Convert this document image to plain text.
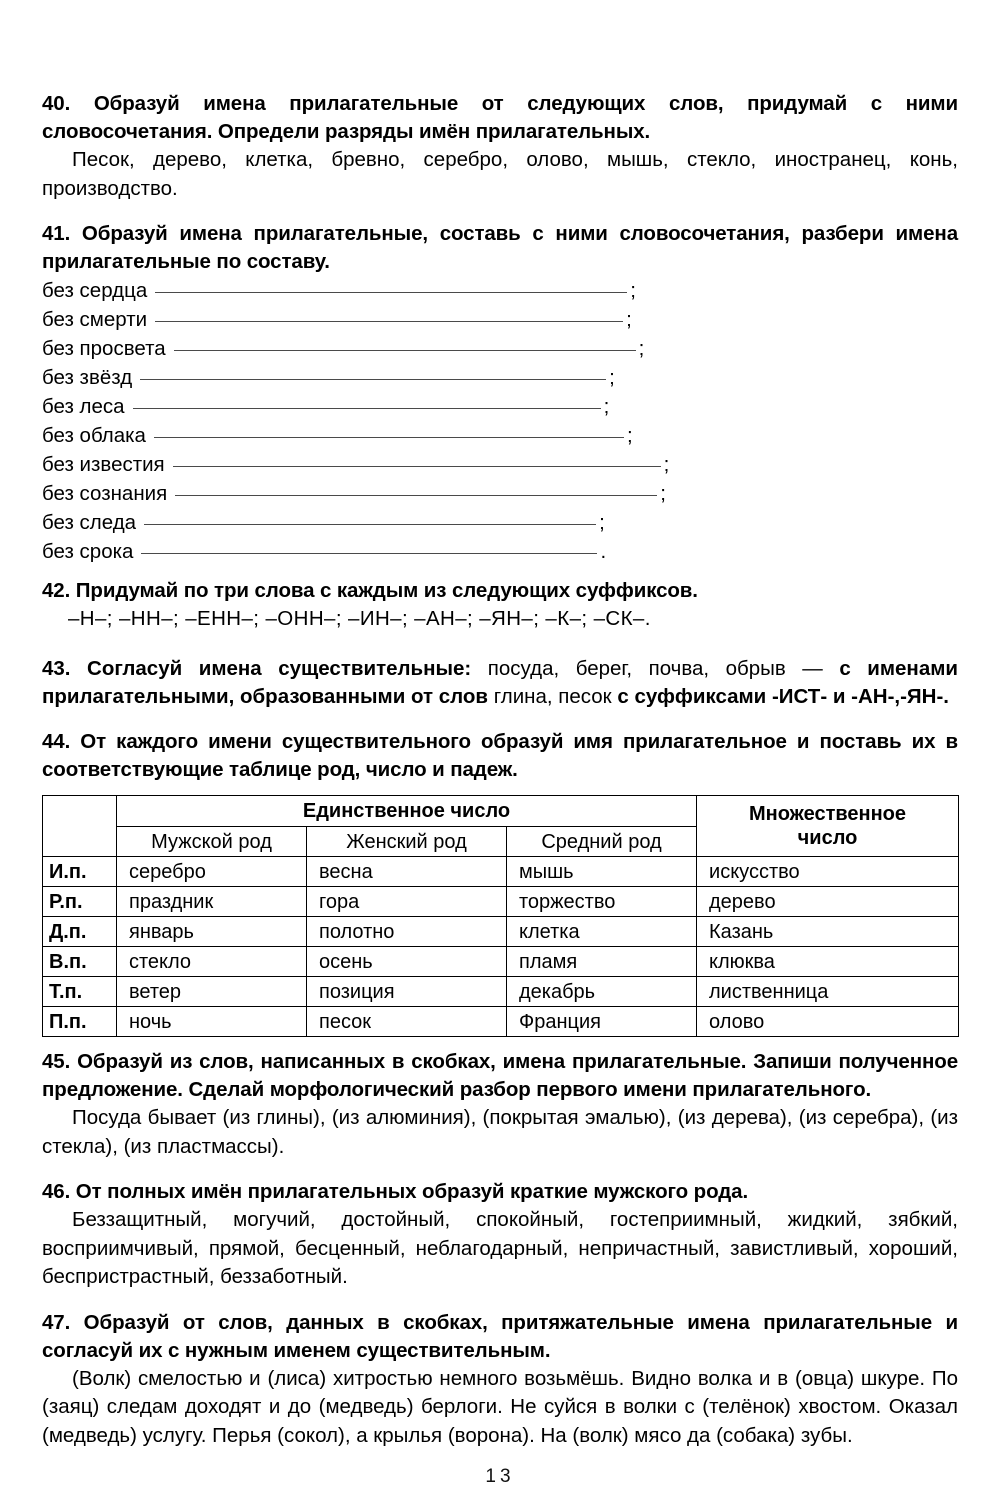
40. Образуй имена прилагательные от следующих слов, придумай с ними словосочетания. Определи разряды имён прилагательных.

Песок, дерево, клетка, бревно, серебро, олово, мышь, стекло, иностранец, конь, производство.

41. Образуй имена прилагательные, составь с ними словосочетания, разбери имена прилагательные по составу.

без сердца	;
без смерти	;
без просвета	;
без звёзд	;
без леса	;
без облака	;
без известия	;
без сознания	;
без следа	;
без срока	.

42. Придумай по три слова с каждым из следующих суффиксов.

–Н–; –НН–; –ЕНН–; –ОНН–; –ИН–; –АН–; –ЯН–; –К–; –СК–.

43. Согласуй имена существительные: посуда, берег, почва, обрыв — с именами прилагательными, образованными от слов глина, песок с суффиксами -ИСТ- и -АН-,-ЯН-.

44. От каждого имени существительного образуй имя прилагательное и поставь их в соответствующие таблице род, число и падеж.

	Единственное число			Множественное
число

	Мужской род	Женский род	Средний род	
И.п.	серебро	весна	мышь	искусство
Р.п.	праздник	гора	торжество	дерево
Д.п.	январь	полотно	клетка	Казань
В.п.	стекло	осень	пламя	клюква
Т.п.	ветер	позиция	декабрь	лиственница
П.п.	ночь	песок	Франция	олово

45. Образуй из слов, написанных в скобках, имена прилагательные. Запиши полученное предложение. Сделай морфологический разбор первого имени прилагательного.

Посуда бывает (из глины), (из алюминия), (покрытая эмалью), (из дерева), (из серебра), (из стекла), (из пластмассы).

46. От полных имён прилагательных образуй краткие мужского рода.

Беззащитный, могучий, достойный, спокойный, гостеприимный, жидкий, зябкий, восприимчивый, прямой, бесценный, неблагодарный, непричастный, завистливый, хороший, беспристрастный, беззаботный.

47. Образуй от слов, данных в скобках, притяжательные имена прилагательные и согласуй их с нужным именем существительным.

(Волк) смелостью и (лиса) хитростью немного возьмёшь. Видно волка и в (овца) шкуре. По (заяц) следам доходят и до (медведь) берлоги. Не суйся в волки с (телёнок) хвостом. Оказал (медведь) услугу. Перья (сокол), а крылья (ворона). На (волк) мясо да (собака) зубы.

13
